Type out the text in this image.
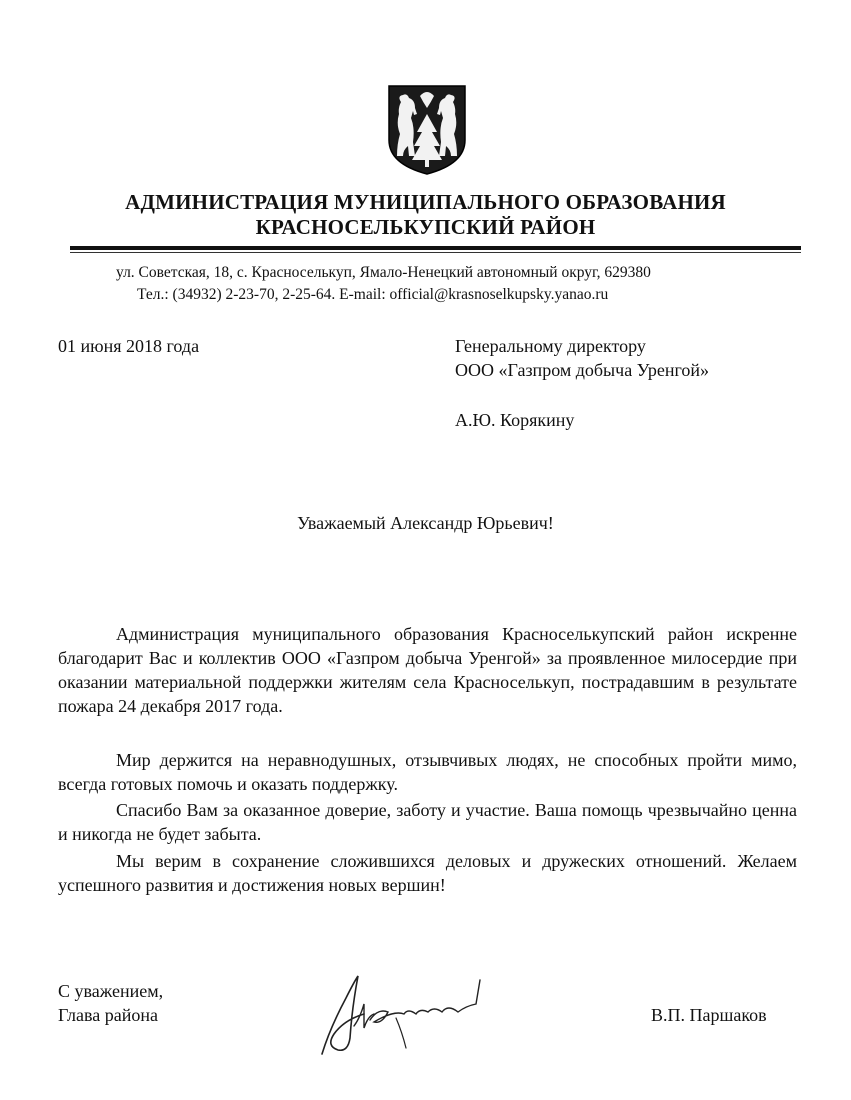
АДМИНИСТРАЦИЯ МУНИЦИПАЛЬНОГО ОБРАЗОВАНИЯ
КРАСНОСЕЛЬКУПСКИЙ РАЙОН
ул. Советская, 18, с. Красноселькуп, Ямало-Ненецкий автономный округ, 629380
Тел.: (34932) 2-23-70, 2-25-64. E-mail: official@krasnoselkupsky.yanao.ru
01 июня 2018 года	Генеральному директору
ООО «Газпром добыча Уренгой»
А.Ю. Корякину
Уважаемый Александр Юрьевич!

Администрация муниципального образования Красноселькупский район искренне благодарит Вас и коллектив ООО «Газпром добыча Уренгой» за проявленное милосердие при оказании материальной поддержки жителям села Красноселькуп, пострадавшим в результате пожара 24 декабря 2017 года.

Мир держится на неравнодушных, отзывчивых людях, не способных пройти мимо, всегда готовых помочь и оказать поддержку.

Спасибо Вам за оказанное доверие, заботу и участие. Ваша помощь чрезвычайно ценна и никогда не будет забыта.

Мы верим в сохранение сложившихся деловых и дружеских отношений. Желаем успешного развития и достижения новых вершин!

С уважением,
Глава района	В.П. Паршаков
